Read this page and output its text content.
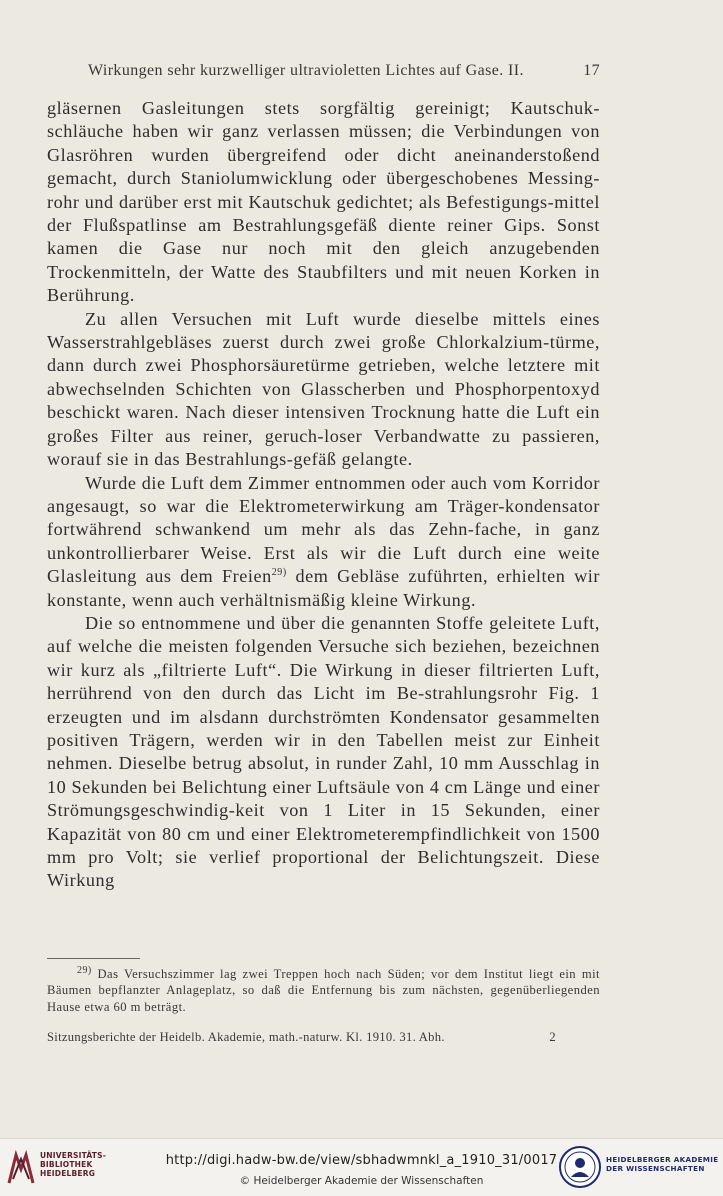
Wirkungen sehr kurzwelliger ultravioletten Lichtes auf Gase. II.	17

gläsernen Gasleitungen stets sorgfältig gereinigt; Kautschuk-schläuche haben wir ganz verlassen müssen; die Verbindungen von Glasröhren wurden übergreifend oder dicht aneinanderstoßend gemacht, durch Staniolumwicklung oder übergeschobenes Messing-rohr und darüber erst mit Kautschuk gedichtet; als Befestigungs-mittel der Flußspatlinse am Bestrahlungsgefäß diente reiner Gips. Sonst kamen die Gase nur noch mit den gleich anzugebenden Trockenmitteln, der Watte des Staubfilters und mit neuen Korken in Berührung.

Zu allen Versuchen mit Luft wurde dieselbe mittels eines Wasserstrahlgebläses zuerst durch zwei große Chlorkalzium-türme, dann durch zwei Phosphorsäuretürme getrieben, welche letztere mit abwechselnden Schichten von Glasscherben und Phosphorpentoxyd beschickt waren. Nach dieser intensiven Trocknung hatte die Luft ein großes Filter aus reiner, geruch-loser Verbandwatte zu passieren, worauf sie in das Bestrahlungs-gefäß gelangte.

Wurde die Luft dem Zimmer entnommen oder auch vom Korridor angesaugt, so war die Elektrometerwirkung am Träger-kondensator fortwährend schwankend um mehr als das Zehn-fache, in ganz unkontrollierbarer Weise. Erst als wir die Luft durch eine weite Glasleitung aus dem Freien$^{29)}$ dem Gebläse zuführten, erhielten wir konstante, wenn auch verhältnismäßig kleine Wirkung.

Die so entnommene und über die genannten Stoffe geleitete Luft, auf welche die meisten folgenden Versuche sich beziehen, bezeichnen wir kurz als „filtrierte Luft“. Die Wirkung in dieser filtrierten Luft, herrührend von den durch das Licht im Be-strahlungsrohr Fig. 1 erzeugten und im alsdann durchströmten Kondensator gesammelten positiven Trägern, werden wir in den Tabellen meist zur Einheit nehmen. Dieselbe betrug absolut, in runder Zahl, 10 mm Ausschlag in 10 Sekunden bei Belichtung einer Luftsäule von 4 cm Länge und einer Strömungsgeschwindig-keit von 1 Liter in 15 Sekunden, einer Kapazität von 80 cm und einer Elektrometerempfindlichkeit von 1500 mm pro Volt; sie verlief proportional der Belichtungszeit. Diese Wirkung

$^{29)}$ Das Versuchszimmer lag zwei Treppen hoch nach Süden; vor dem Institut liegt ein mit Bäumen bepflanzter Anlageplatz, so daß die Entfernung bis zum nächsten, gegenüberliegenden Hause etwa 60 m beträgt.

Sitzungsberichte der Heidelb. Akademie, math.-naturw. Kl. 1910. 31. Abh.	2
UNIVERSITÄTS-
BIBLIOTHEK
HEIDELBERG
http://digi.hadw-bw.de/view/sbhadwmnkl_a_1910_31/0017
© Heidelberger Akademie der Wissenschaften
HEIDELBERGER AKADEMIE
DER WISSENSCHAFTEN
